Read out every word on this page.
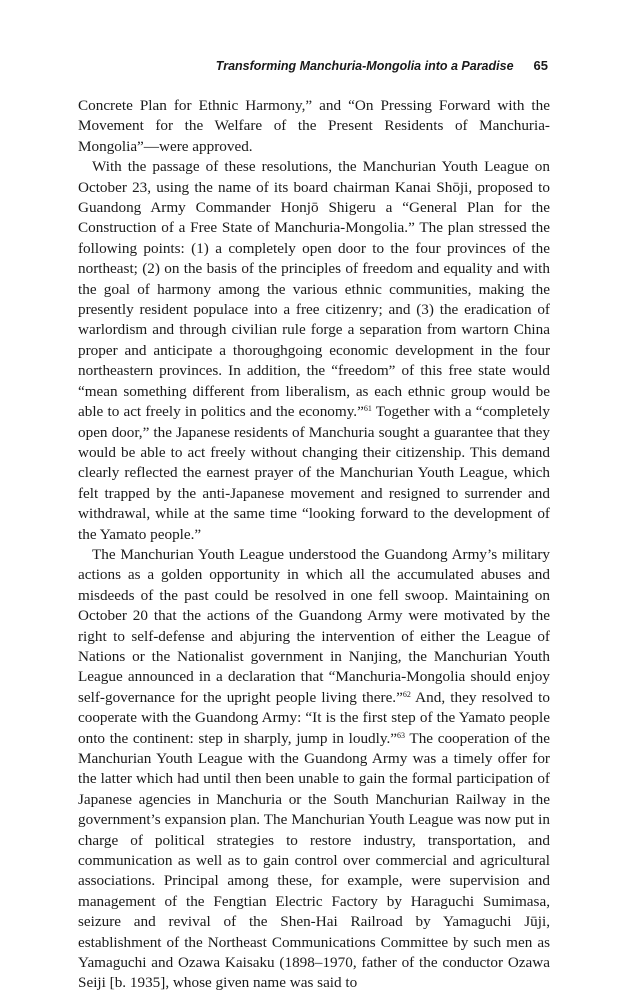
Transforming Manchuria-Mongolia into a Paradise 65

Concrete Plan for Ethnic Harmony,” and “On Pressing Forward with the Movement for the Welfare of the Present Residents of Manchuria-Mongolia”—were approved.

With the passage of these resolutions, the Manchurian Youth League on October 23, using the name of its board chairman Kanai Shōji, proposed to Guandong Army Commander Honjō Shigeru a “General Plan for the Construction of a Free State of Manchuria-Mongolia.” The plan stressed the following points: (1) a completely open door to the four provinces of the northeast; (2) on the basis of the principles of freedom and equality and with the goal of harmony among the various ethnic communities, making the presently resident populace into a free citizenry; and (3) the eradication of warlordism and through civilian rule forge a separation from wartorn China proper and anticipate a thoroughgoing economic development in the four northeastern provinces. In addition, the “freedom” of this free state would “mean something different from liberalism, as each ethnic group would be able to act freely in politics and the economy.”$^{61}$ Together with a “completely open door,” the Japanese residents of Manchuria sought a guarantee that they would be able to act freely without changing their citizenship. This demand clearly reflected the earnest prayer of the Manchurian Youth League, which felt trapped by the anti-Japanese movement and resigned to surrender and withdrawal, while at the same time “looking forward to the development of the Yamato people.”

The Manchurian Youth League understood the Guandong Army’s military actions as a golden opportunity in which all the accumulated abuses and misdeeds of the past could be resolved in one fell swoop. Maintaining on October 20 that the actions of the Guandong Army were motivated by the right to self-defense and abjuring the intervention of either the League of Nations or the Nationalist government in Nanjing, the Manchurian Youth League announced in a declaration that “Manchuria-Mongolia should enjoy self-governance for the upright people living there.”$^{62}$ And, they resolved to cooperate with the Guandong Army: “It is the first step of the Yamato people onto the continent: step in sharply, jump in loudly.”$^{63}$ The cooperation of the Manchurian Youth League with the Guandong Army was a timely offer for the latter which had until then been unable to gain the formal participation of Japanese agencies in Manchuria or the South Manchurian Railway in the government’s expansion plan. The Manchurian Youth League was now put in charge of political strategies to restore industry, transportation, and communication as well as to gain control over commercial and agricultural associations. Principal among these, for example, were supervision and management of the Fengtian Electric Factory by Haraguchi Sumimasa, seizure and revival of the Shen-Hai Railroad by Yamaguchi Jūji, establishment of the Northeast Communications Committee by such men as Yamaguchi and Ozawa Kaisaku (1898–1970, father of the conductor Ozawa Seiji [b. 1935], whose given name was said to
